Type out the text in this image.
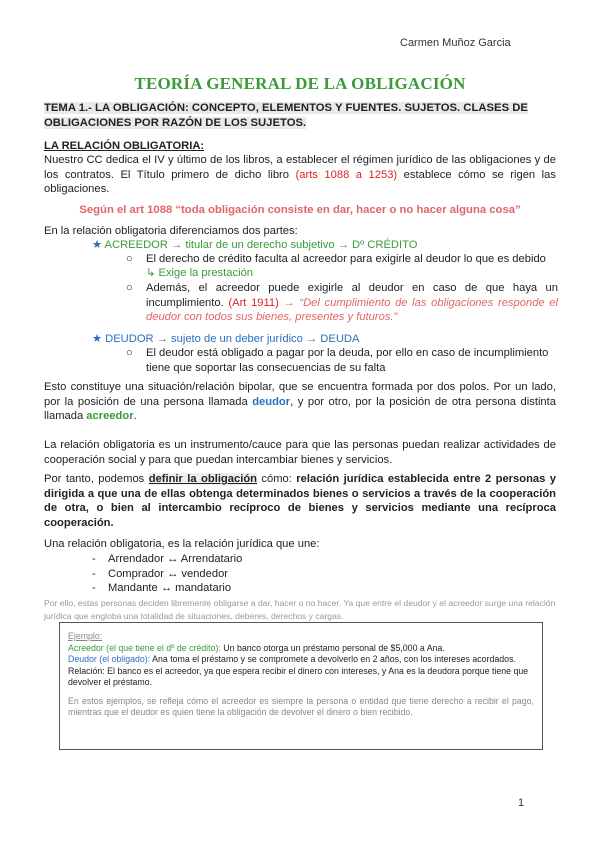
Carmen Muñoz Garcia
TEORÍA GENERAL DE LA OBLIGACIÓN
TEMA 1.- LA OBLIGACIÓN: CONCEPTO, ELEMENTOS Y FUENTES. SUJETOS. CLASES DE OBLIGACIONES POR RAZÓN DE LOS SUJETOS.
LA RELACIÓN OBLIGATORIA:
Nuestro CC dedica el IV y último de los libros, a establecer el régimen jurídico de las obligaciones y de los contratos. El Título primero de dicho libro (arts 1088 a 1253) establece cómo se rigen las obligaciones.
Según el art 1088 “toda obligación consiste en dar, hacer o no hacer alguna cosa”
En la relación obligatoria diferenciamos dos partes:
★ ACREEDOR → titular de un derecho subjetivo → Dº CRÉDITO
○ El derecho de crédito faculta al acreedor para exigirle al deudor lo que es debido
↳ Exige la prestación
○ Además, el acreedor puede exigirle al deudor en caso de que haya un incumplimiento. (Art 1911) → “Del cumplimiento de las obligaciones responde el deudor con todos sus bienes, presentes y futuros.”
★ DEUDOR → sujeto de un deber jurídico → DEUDA
○ El deudor está obligado a pagar por la deuda, por ello en caso de incumplimiento tiene que soportar las consecuencias de su falta
Esto constituye una situación/relación bipolar, que se encuentra formada por dos polos. Por un lado, por la posición de una persona llamada deudor, y por otro, por la posición de otra persona distinta llamada acreedor.
La relación obligatoria es un instrumento/cauce para que las personas puedan realizar actividades de cooperación social y para que puedan intercambiar bienes y servicios.
Por tanto, podemos definir la obligación cómo: relación jurídica establecida entre 2 personas y dirigida a que una de ellas obtenga determinados bienes o servicios a través de la cooperación de otra, o bien al intercambio recíproco de bienes y servicios mediante una recíproca cooperación.
Una relación obligatoria, es la relación jurídica que une:
- Arrendador ↔ Arrendatario
- Comprador ↔ vendedor
- Mandante ↔ mandatario
Por ello, estas personas deciden libremente obligarse a dar, hacer o no hacer. Ya que entre el deudor y el acreedor surge una relación jurídica que engloba una totalidad de situaciones, deberes, derechos y cargas.
Ejemplo:
Acreedor (el que tiene el dº de crédito): Un banco otorga un préstamo personal de $5,000 a Ana.
Deudor (el obligado): Ana toma el préstamo y se compromete a devolverlo en 2 años, con los intereses acordados.
Relación: El banco es el acreedor, ya que espera recibir el dinero con intereses, y Ana es la deudora porque tiene que devolver el préstamo.
En estos ejemplos, se refleja cómo el acreedor es siempre la persona o entidad que tiene derecho a recibir el pago, mientras que el deudor es quien tiene la obligación de devolver el dinero o bien recibido.
1
